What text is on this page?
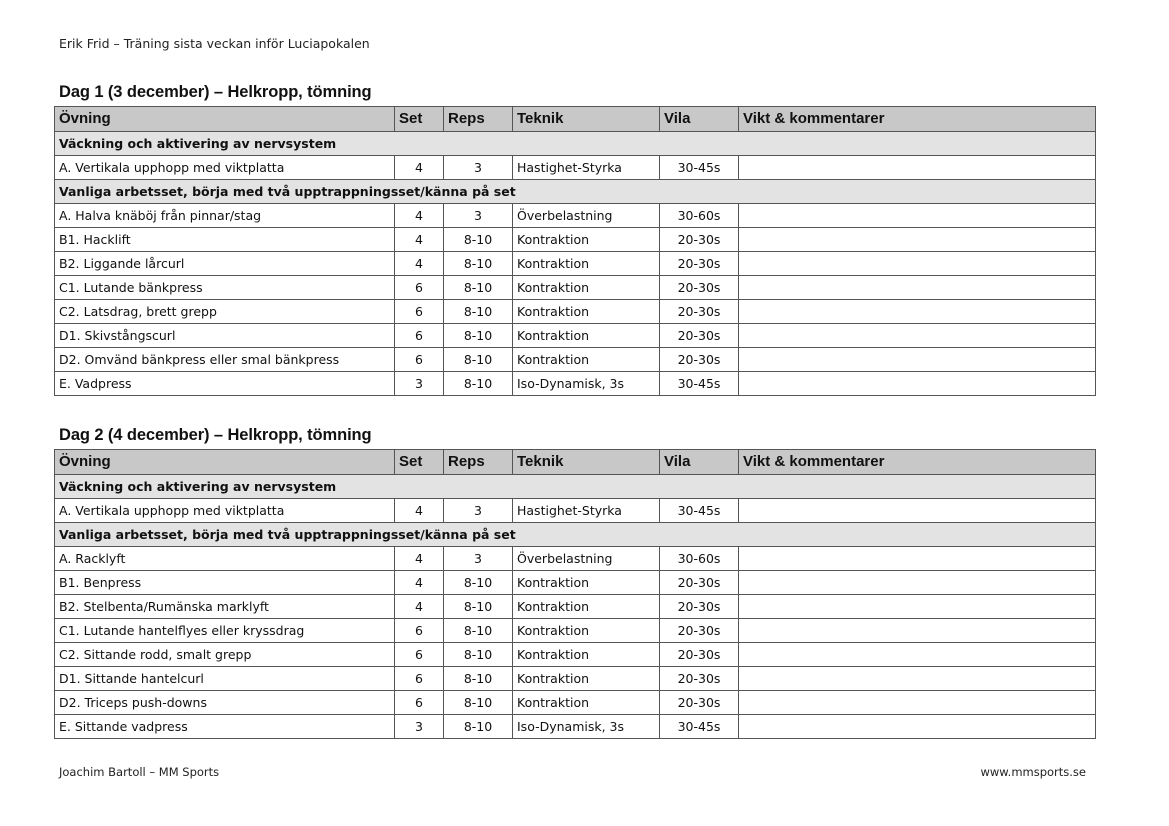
Erik Frid – Träning sista veckan inför Luciapokalen
Dag 1 (3 december) – Helkropp, tömning
Övning	Set	Reps	Teknik	Vila	Vikt & kommentarer
Väckning och aktivering av nervsystem					
A. Vertikala upphopp med viktplatta	4	3	Hastighet-Styrka	30-45s	
Vanliga arbetsset, börja med två upptrappningsset/känna på set					
A. Halva knäböj från pinnar/stag	4	3	Överbelastning	30-60s	
B1. Hacklift	4	8-10	Kontraktion	20-30s	
B2. Liggande lårcurl	4	8-10	Kontraktion	20-30s	
C1. Lutande bänkpress	6	8-10	Kontraktion	20-30s	
C2. Latsdrag, brett grepp	6	8-10	Kontraktion	20-30s	
D1. Skivstångscurl	6	8-10	Kontraktion	20-30s	
D2. Omvänd bänkpress eller smal bänkpress	6	8-10	Kontraktion	20-30s	
E. Vadpress	3	8-10	Iso-Dynamisk, 3s	30-45s	
Dag 2 (4 december) – Helkropp, tömning
Övning	Set	Reps	Teknik	Vila	Vikt & kommentarer
Väckning och aktivering av nervsystem					
A. Vertikala upphopp med viktplatta	4	3	Hastighet-Styrka	30-45s	
Vanliga arbetsset, börja med två upptrappningsset/känna på set					
A. Racklyft	4	3	Överbelastning	30-60s	
B1. Benpress	4	8-10	Kontraktion	20-30s	
B2. Stelbenta/Rumänska marklyft	4	8-10	Kontraktion	20-30s	
C1. Lutande hantelflyes eller kryssdrag	6	8-10	Kontraktion	20-30s	
C2. Sittande rodd, smalt grepp	6	8-10	Kontraktion	20-30s	
D1. Sittande hantelcurl	6	8-10	Kontraktion	20-30s	
D2. Triceps push-downs	6	8-10	Kontraktion	20-30s	
E. Sittande vadpress	3	8-10	Iso-Dynamisk, 3s	30-45s	
Joachim Bartoll – MM Sports	www.mmsports.se
